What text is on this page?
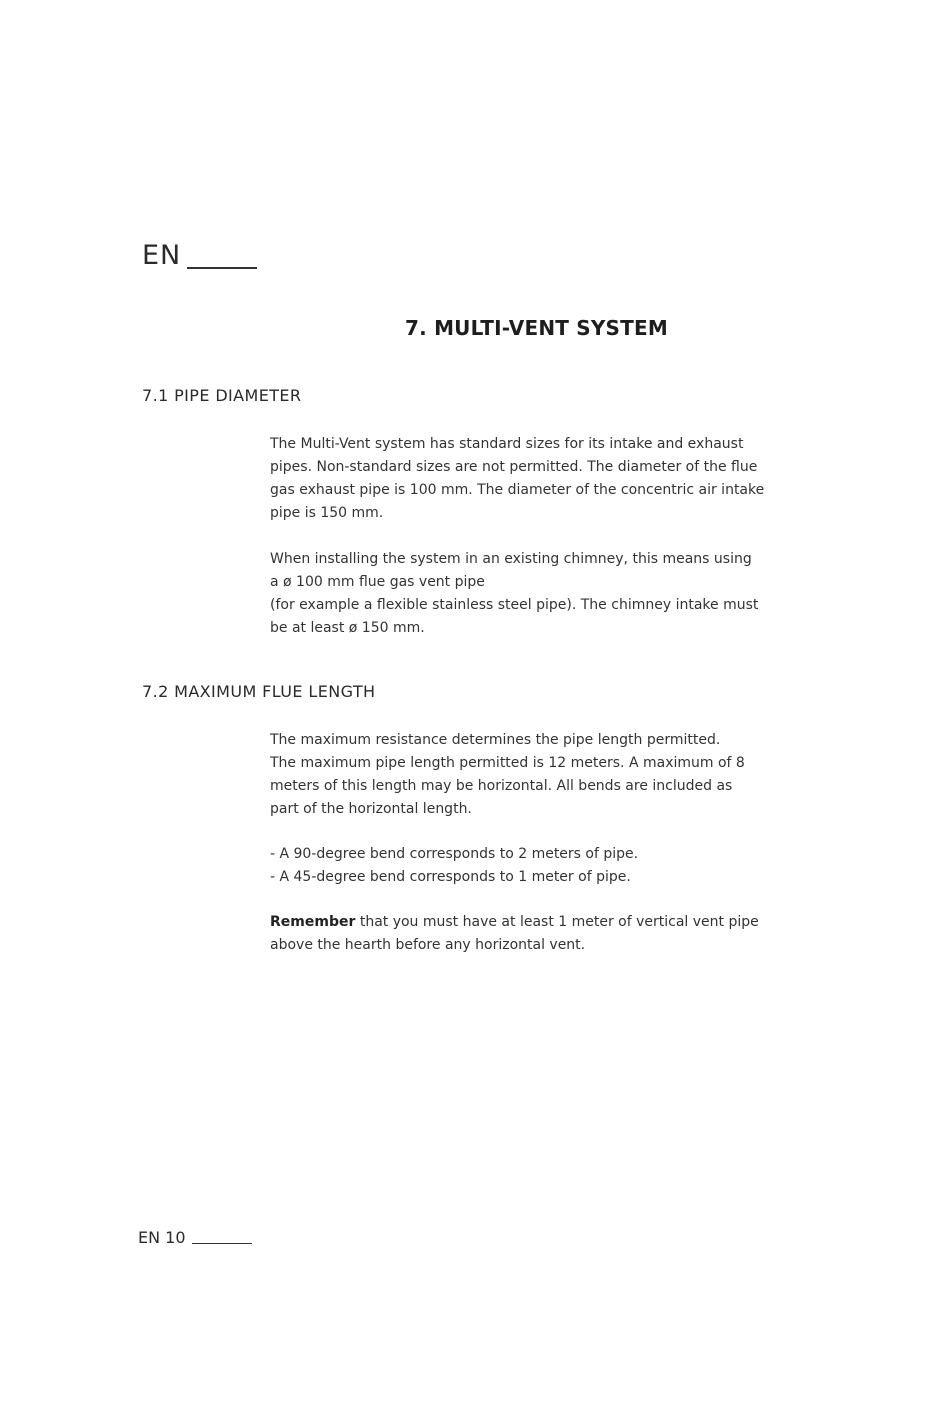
EN
7. MULTI-VENT SYSTEM
7.1 PIPE DIAMETER

The Multi-Vent system has standard sizes for its intake and exhaust

pipes. Non-standard sizes are not permitted. The diameter of the flue

gas exhaust pipe is 100 mm. The diameter of the concentric air intake

pipe is 150 mm.

When installing the system in an existing chimney, this means using

a ø 100 mm flue gas vent pipe

(for example a flexible stainless steel pipe). The chimney intake must

be at least ø 150 mm.

7.2 MAXIMUM FLUE LENGTH

The maximum resistance determines the pipe length permitted.

The maximum pipe length permitted is 12 meters. A maximum of 8

meters of this length may be horizontal. All bends are included as

part of the horizontal length.

- A 90-degree bend corresponds to 2 meters of pipe.

- A 45-degree bend corresponds to 1 meter of pipe.

Remember that you must have at least 1 meter of vertical vent pipe

above the hearth before any horizontal vent.

EN 10
